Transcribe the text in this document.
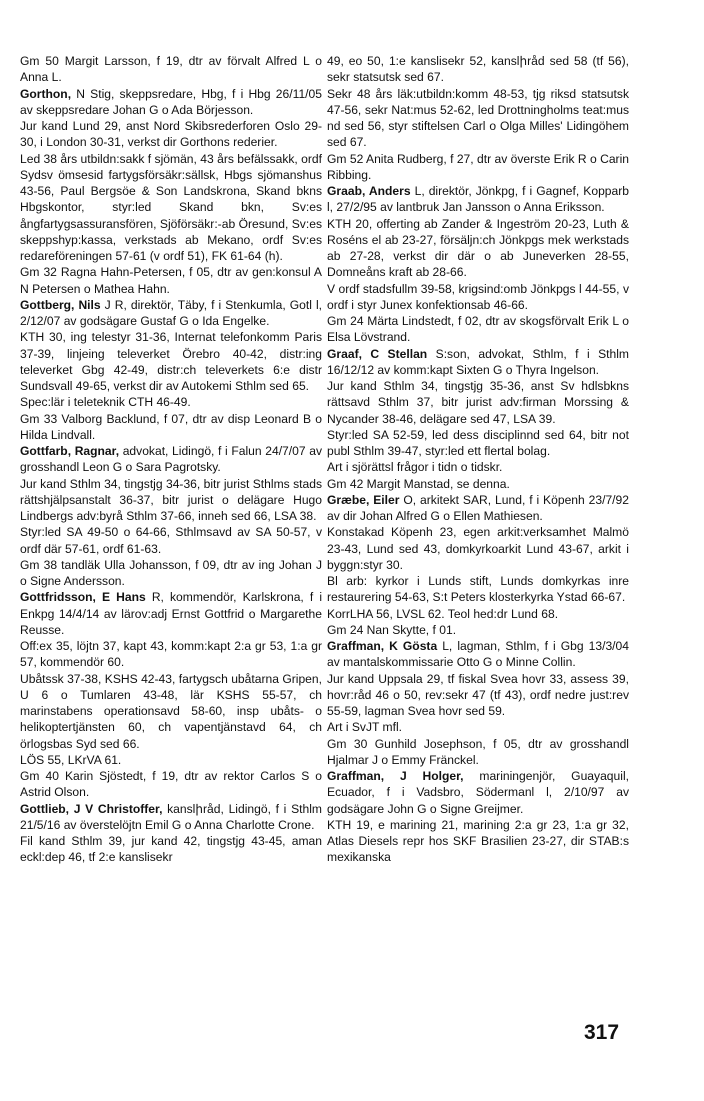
Gm 50 Margit Larsson, f 19, dtr av förvalt Alfred L o Anna L.

Gorthon, N Stig, skeppsredare, Hbg, f i Hbg 26/11/05 av skeppsredare Johan G o Ada Börjesson.

Jur kand Lund 29, anst Nord Skibsrederforen Oslo 29-30, i London 30-31, verkst dir Gorthons rederier.

Led 38 års utbildn:sakk f sjömän, 43 års befälssakk, ordf Sydsv ömsesid fartygsförsäkr:sällsk, Hbgs sjömanshus 43-56, Paul Bergsöe & Son Landskrona, Skand bkns Hbgskontor, styr:led Skand bkn, Sv:es ångfartygsassuransfören, Sjöförsäkr:-ab Öresund, Sv:es skeppshyp:kassa, verkstads ab Mekano, ordf Sv:es redareföreningen 57-61 (v ordf 51), FK 61-64 (h).

Gm 32 Ragna Hahn-Petersen, f 05, dtr av gen:konsul A N Petersen o Mathea Hahn.

Gottberg, Nils J R, direktör, Täby, f i Stenkumla, Gotl l, 2/12/07 av godsägare Gustaf G o Ida Engelke.

KTH 30, ing telestyr 31-36, Internat telefonkomm Paris 37-39, linjeing televerket Örebro 40-42, distr:ing televerket Gbg 42-49, distr:ch televerkets 6:e distr Sundsvall 49-65, verkst dir av Autokemi Sthlm sed 65.

Spec:lär i teleteknik CTH 46-49.

Gm 33 Valborg Backlund, f 07, dtr av disp Leonard B o Hilda Lindvall.

Gottfarb, Ragnar, advokat, Lidingö, f i Falun 24/7/07 av grosshandl Leon G o Sara Pagrotsky.

Jur kand Sthlm 34, tingstjg 34-36, bitr jurist Sthlms stads rättshjälpsanstalt 36-37, bitr jurist o delägare Hugo Lindbergs adv:byrå Sthlm 37-66, inneh sed 66, LSA 38.

Styr:led SA 49-50 o 64-66, Sthlmsavd av SA 50-57, v ordf där 57-61, ordf 61-63.

Gm 38 tandläk Ulla Johansson, f 09, dtr av ing Johan J o Signe Andersson.

Gottfridsson, E Hans R, kommendör, Karlskrona, f i Enkpg 14/4/14 av lärov:adj Ernst Gottfrid o Margarethe Reusse.

Off:ex 35, löjtn 37, kapt 43, komm:kapt 2:a gr 53, 1:a gr 57, kommendör 60.

Ubåtssk 37-38, KSHS 42-43, fartygsch ubåtarna Gripen, U 6 o Tumlaren 43-48, lär KSHS 55-57, ch marinstabens operationsavd 58-60, insp ubåts- o helikoptertjänsten 60, ch vapentjänstavd 64, ch örlogsbas Syd sed 66.

LÖS 55, LKrVA 61.

Gm 40 Karin Sjöstedt, f 19, dtr av rektor Carlos S o Astrid Olson.

Gottlieb, J V Christoffer, kanslիråd, Lidingö, f i Sthlm 21/5/16 av överstelöjtn Emil G o Anna Charlotte Crone.

Fil kand Sthlm 39, jur kand 42, tingstjg 43-45, aman eckl:dep 46, tf 2:e kanslisekr

49, eo 50, 1:e kanslisekr 52, kanslիråd sed 58 (tf 56), sekr statsutsk sed 67.

Sekr 48 års läk:utbildn:komm 48-53, tjg riksd statsutsk 47-56, sekr Nat:mus 52-62, led Drottningholms teat:mus nd sed 56, styr stiftelsen Carl o Olga Milles' Lidingöhem sed 67.

Gm 52 Anita Rudberg, f 27, dtr av överste Erik R o Carin Ribbing.

Graab, Anders L, direktör, Jönkpg, f i Gagnef, Kopparb l, 27/2/95 av lantbruk Jan Jansson o Anna Eriksson.

KTH 20, offerting ab Zander & Ingeström 20-23, Luth & Roséns el ab 23-27, försäljn:ch Jönkpgs mek werkstads ab 27-28, verkst dir där o ab Juneverken 28-55, Domneåns kraft ab 28-66.

V ordf stadsfullm 39-58, krigsind:omb Jönkpgs l 44-55, v ordf i styr Junex konfektionsab 46-66.

Gm 24 Märta Lindstedt, f 02, dtr av skogsförvalt Erik L o Elsa Lövstrand.

Graaf, C Stellan S:son, advokat, Sthlm, f i Sthlm 16/12/12 av komm:kapt Sixten G o Thyra Ingelson.

Jur kand Sthlm 34, tingstjg 35-36, anst Sv hdlsbkns rättsavd Sthlm 37, bitr jurist adv:firman Morssing & Nycander 38-46, delägare sed 47, LSA 39.

Styr:led SA 52-59, led dess disciplinnd sed 64, bitr not publ Sthlm 39-47, styr:led ett flertal bolag.

Art i sjörättsl frågor i tidn o tidskr.

Gm 42 Margit Manstad, se denna.

Græbe, Eiler O, arkitekt SAR, Lund, f i Köpenh 23/7/92 av dir Johan Alfred G o Ellen Mathiesen.

Konstakad Köpenh 23, egen arkit:verksamhet Malmö 23-43, Lund sed 43, domkyrkoarkit Lund 43-67, arkit i byggn:styr 30.

Bl arb: kyrkor i Lunds stift, Lunds domkyrkas inre restaurering 54-63, S:t Peters klosterkyrka Ystad 66-67.

KorrLHA 56, LVSL 62. Teol hed:dr Lund 68.

Gm 24 Nan Skytte, f 01.

Graffman, K Gösta L, lagman, Sthlm, f i Gbg 13/3/04 av mantalskommissarie Otto G o Minne Collin.

Jur kand Uppsala 29, tf fiskal Svea hovr 33, assess 39, hovr:råd 46 o 50, rev:sekr 47 (tf 43), ordf nedre just:rev 55-59, lagman Svea hovr sed 59.

Art i SvJT mfl.

Gm 30 Gunhild Josephson, f 05, dtr av grosshandl Hjalmar J o Emmy Fränckel.

Graffman, J Holger, mariningenjör, Guayaquil, Ecuador, f i Vadsbro, Södermanl l, 2/10/97 av godsägare John G o Signe Greijmer.

KTH 19, e marining 21, marining 2:a gr 23, 1:a gr 32, Atlas Diesels repr hos SKF Brasilien 23-27, dir STAB:s mexikanska

317
